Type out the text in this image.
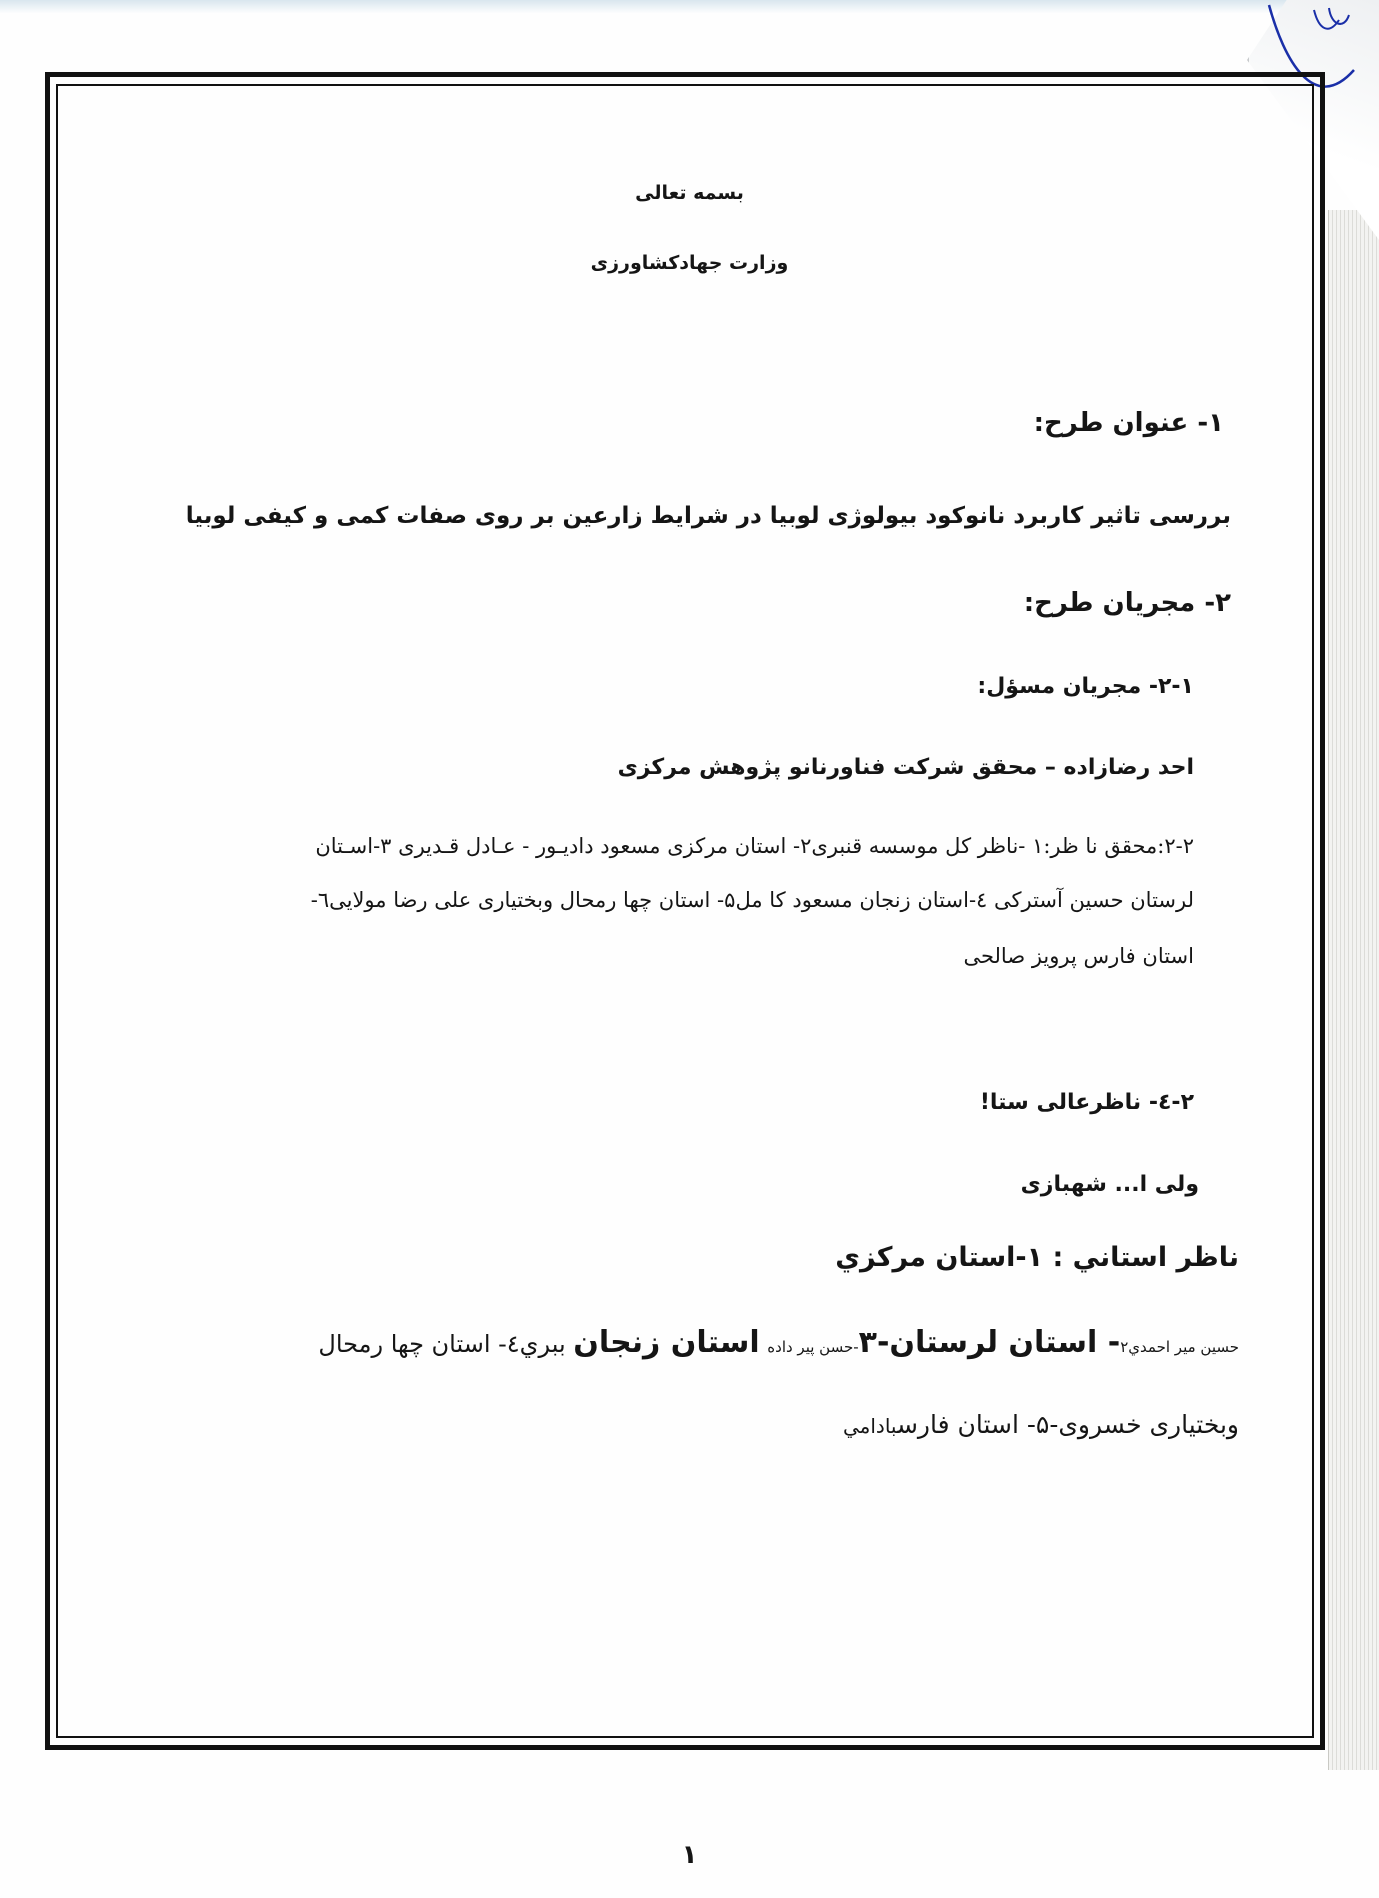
بسمه تعالی
وزارت جهادکشاورزی
۱- عنوان طرح:
بررسی تاثیر کاربرد نانوکود بیولوژی لوبیا در شرایط زارعین بر روی صفات کمی و کیفی لوبیا
۲- مجریان طرح:
۲-۱- مجریان مسؤل:
احد رضازاده – محقق شرکت فناورنانو پژوهش مرکزی
۲-۲:محقق نا ظر:۱ -ناظر کل موسسه قنبری۲- استان مرکزی مسعود دادیـور - عـادل قـدیری ۳-اسـتان
لرستان حسین آسترکی ٤-استان زنجان مسعود کا مل۵- استان چها رمحال وبختیاری علی رضا مولایی٦-
استان فارس پرویز صالحی
۲-٤- ناظرعالی ستا!
ولی ا... شهبازی
ناظر استاني : ۱-استان مركزي
حسين مير احمدي۲- استان لرستان-۳-حسن پير داده استان زنجان ببري٤- استان چها رمحال
وبختیاری خسروی-۵- استان فارسبادامي
۱
